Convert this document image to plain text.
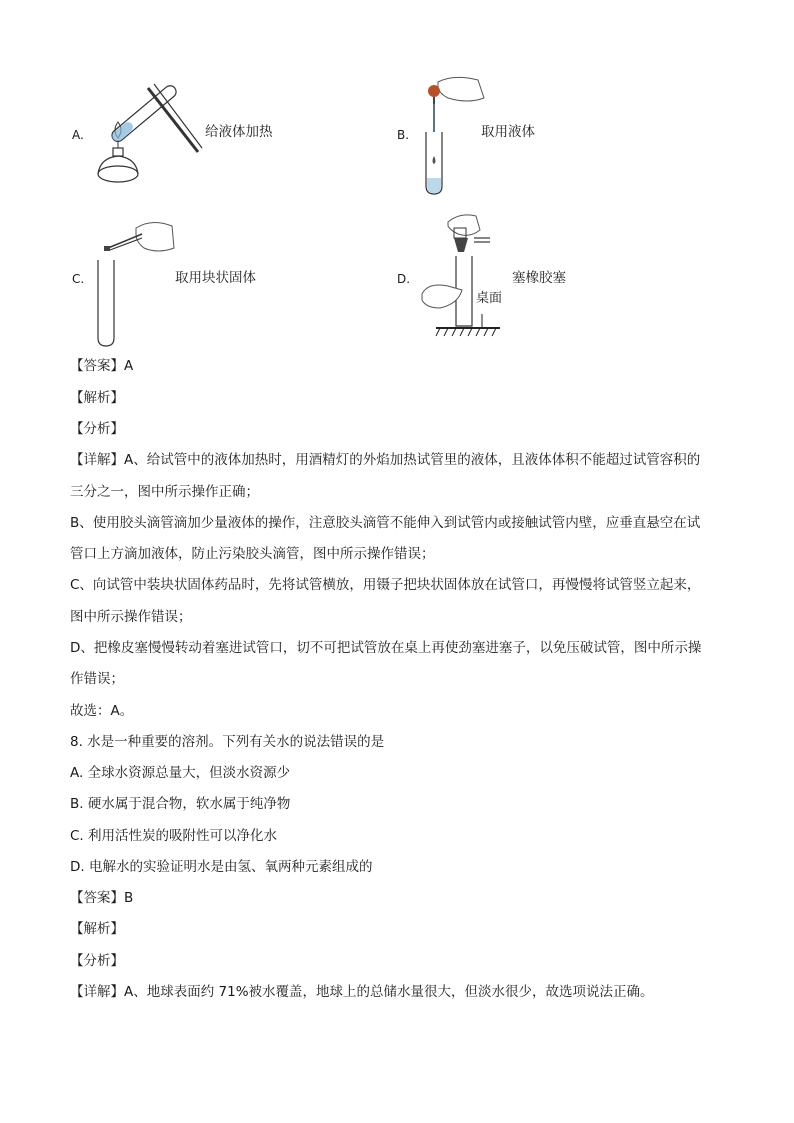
A.	给液体加热	B.	取用液体
C.	取用块状固体	D.	塞橡胶塞
桌面
【答案】A
【解析】
【分析】
【详解】A、给试管中的液体加热时，用酒精灯的外焰加热试管里的液体，且液体体积不能超过试管容积的
三分之一，图中所示操作正确；
B、使用胶头滴管滴加少量液体的操作，注意胶头滴管不能伸入到试管内或接触试管内壁，应垂直悬空在试
管口上方滴加液体，防止污染胶头滴管，图中所示操作错误；
C、向试管中装块状固体药品时，先将试管横放，用镊子把块状固体放在试管口，再慢慢将试管竖立起来，
图中所示操作错误；
D、把橡皮塞慢慢转动着塞进试管口，切不可把试管放在桌上再使劲塞进塞子，以免压破试管，图中所示操
作错误；
故选：A。
8. 水是一种重要的溶剂。下列有关水的说法错误的是
A. 全球水资源总量大，但淡水资源少
B. 硬水属于混合物，软水属于纯净物
C. 利用活性炭的吸附性可以净化水
D. 电解水的实验证明水是由氢、氧两种元素组成的
【答案】B
【解析】
【分析】
【详解】A、地球表面约 71%被水覆盖，地球上的总储水量很大，但淡水很少，故选项说法正确。
